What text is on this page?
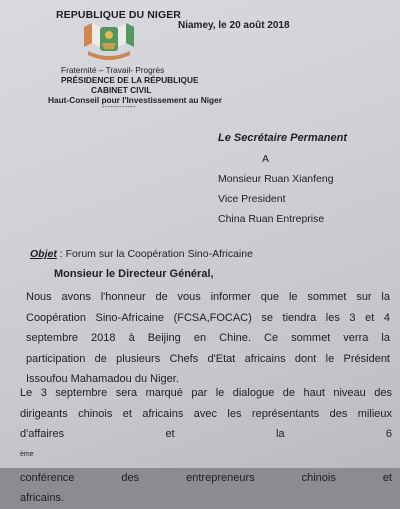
REPUBLIQUE DU NIGER
Niamey, le 20 août 2018
Fraternité – Travail- Progrès
PRÉSIDENCE DE LA RÉPUBLIQUE
CABINET CIVIL
Haut-Conseil pour l'Investissement au Niger
------------
Le Secrétaire Permanent
A
Monsieur Ruan Xianfeng
Vice President
China Ruan Entreprise
Objet : Forum sur la Coopération Sino-Africaine
Monsieur le Directeur Général,
Nous avons l'honneur de vous informer que le sommet sur la
Coopération Sino-Africaine (FCSA,FOCAC) se tiendra les 3 et 4
septembre 2018 à Beijing en Chine. Ce sommet verra la
participation de plusieurs Chefs d'Etat africains dont le Président
Issoufou Mahamadou du Niger.
Le 3 septembre sera marqué par le dialogue de haut niveau des
dirigeants chinois et africains avec les représentants des milieux
d'affaires et la 6
$^{ème}$
conférence des entrepreneurs chinois et
africains.
